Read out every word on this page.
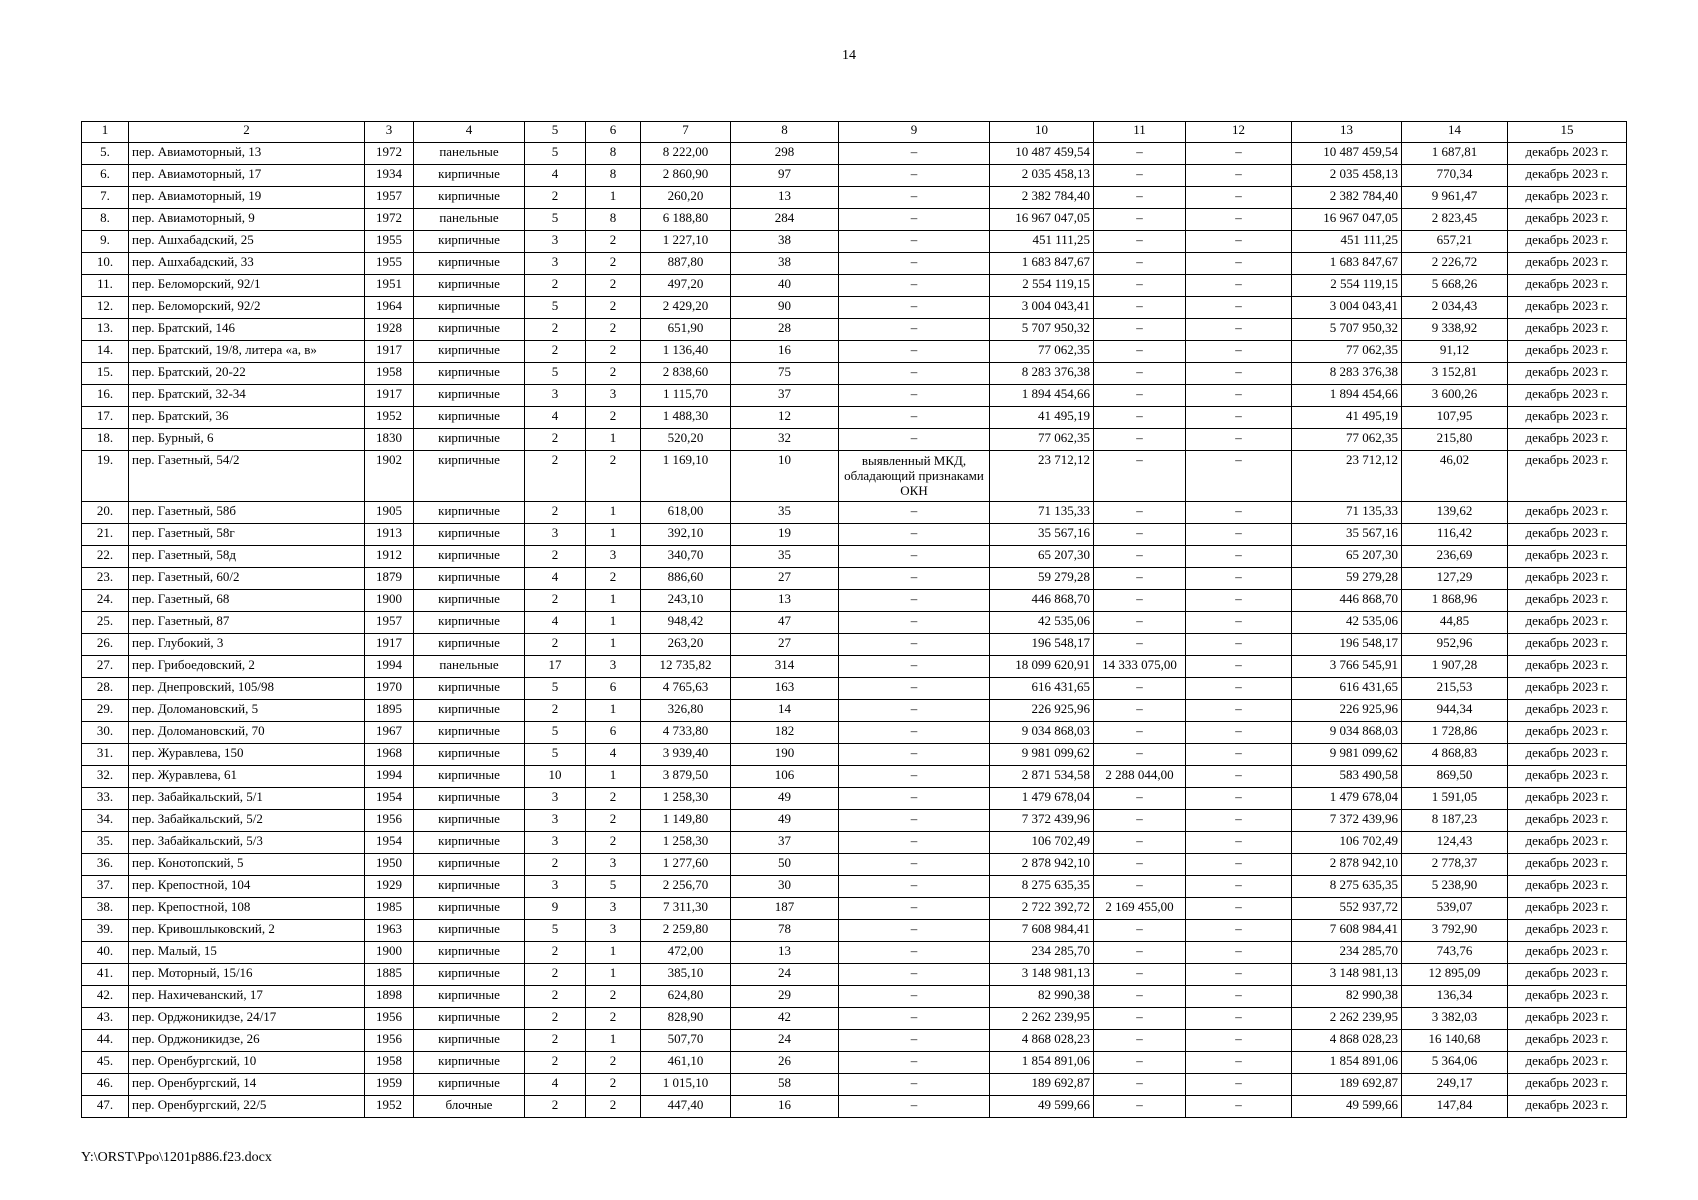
14
1	2	3	4	5	6	7	8	9	10	11	12	13	14	15
5.	пер. Авиамоторный, 13	1972	панельные	5	8	8 222,00	298	–	10 487 459,54	–	–	10 487 459,54	1 687,81	декабрь 2023 г.
6.	пер. Авиамоторный, 17	1934	кирпичные	4	8	2 860,90	97	–	2 035 458,13	–	–	2 035 458,13	770,34	декабрь 2023 г.
7.	пер. Авиамоторный, 19	1957	кирпичные	2	1	260,20	13	–	2 382 784,40	–	–	2 382 784,40	9 961,47	декабрь 2023 г.
8.	пер. Авиамоторный, 9	1972	панельные	5	8	6 188,80	284	–	16 967 047,05	–	–	16 967 047,05	2 823,45	декабрь 2023 г.
9.	пер. Ашхабадский, 25	1955	кирпичные	3	2	1 227,10	38	–	451 111,25	–	–	451 111,25	657,21	декабрь 2023 г.
10.	пер. Ашхабадский, 33	1955	кирпичные	3	2	887,80	38	–	1 683 847,67	–	–	1 683 847,67	2 226,72	декабрь 2023 г.
11.	пер. Беломорский, 92/1	1951	кирпичные	2	2	497,20	40	–	2 554 119,15	–	–	2 554 119,15	5 668,26	декабрь 2023 г.
12.	пер. Беломорский, 92/2	1964	кирпичные	5	2	2 429,20	90	–	3 004 043,41	–	–	3 004 043,41	2 034,43	декабрь 2023 г.
13.	пер. Братский, 146	1928	кирпичные	2	2	651,90	28	–	5 707 950,32	–	–	5 707 950,32	9 338,92	декабрь 2023 г.
14.	пер. Братский, 19/8, литера «а, в»	1917	кирпичные	2	2	1 136,40	16	–	77 062,35	–	–	77 062,35	91,12	декабрь 2023 г.
15.	пер. Братский, 20-22	1958	кирпичные	5	2	2 838,60	75	–	8 283 376,38	–	–	8 283 376,38	3 152,81	декабрь 2023 г.
16.	пер. Братский, 32-34	1917	кирпичные	3	3	1 115,70	37	–	1 894 454,66	–	–	1 894 454,66	3 600,26	декабрь 2023 г.
17.	пер. Братский, 36	1952	кирпичные	4	2	1 488,30	12	–	41 495,19	–	–	41 495,19	107,95	декабрь 2023 г.
18.	пер. Бурный, 6	1830	кирпичные	2	1	520,20	32	–	77 062,35	–	–	77 062,35	215,80	декабрь 2023 г.
19.	пер. Газетный, 54/2	1902	кирпичные	2	2	1 169,10	10	выявленный МКД, обладающий признаками ОКН	23 712,12	–	–	23 712,12	46,02	декабрь 2023 г.
20.	пер. Газетный, 58б	1905	кирпичные	2	1	618,00	35	–	71 135,33	–	–	71 135,33	139,62	декабрь 2023 г.
21.	пер. Газетный, 58г	1913	кирпичные	3	1	392,10	19	–	35 567,16	–	–	35 567,16	116,42	декабрь 2023 г.
22.	пер. Газетный, 58д	1912	кирпичные	2	3	340,70	35	–	65 207,30	–	–	65 207,30	236,69	декабрь 2023 г.
23.	пер. Газетный, 60/2	1879	кирпичные	4	2	886,60	27	–	59 279,28	–	–	59 279,28	127,29	декабрь 2023 г.
24.	пер. Газетный, 68	1900	кирпичные	2	1	243,10	13	–	446 868,70	–	–	446 868,70	1 868,96	декабрь 2023 г.
25.	пер. Газетный, 87	1957	кирпичные	4	1	948,42	47	–	42 535,06	–	–	42 535,06	44,85	декабрь 2023 г.
26.	пер. Глубокий, 3	1917	кирпичные	2	1	263,20	27	–	196 548,17	–	–	196 548,17	952,96	декабрь 2023 г.
27.	пер. Грибоедовский, 2	1994	панельные	17	3	12 735,82	314	–	18 099 620,91	14 333 075,00	–	3 766 545,91	1 907,28	декабрь 2023 г.
28.	пер. Днепровский, 105/98	1970	кирпичные	5	6	4 765,63	163	–	616 431,65	–	–	616 431,65	215,53	декабрь 2023 г.
29.	пер. Доломановский, 5	1895	кирпичные	2	1	326,80	14	–	226 925,96	–	–	226 925,96	944,34	декабрь 2023 г.
30.	пер. Доломановский, 70	1967	кирпичные	5	6	4 733,80	182	–	9 034 868,03	–	–	9 034 868,03	1 728,86	декабрь 2023 г.
31.	пер. Журавлева, 150	1968	кирпичные	5	4	3 939,40	190	–	9 981 099,62	–	–	9 981 099,62	4 868,83	декабрь 2023 г.
32.	пер. Журавлева, 61	1994	кирпичные	10	1	3 879,50	106	–	2 871 534,58	2 288 044,00	–	583 490,58	869,50	декабрь 2023 г.
33.	пер. Забайкальский, 5/1	1954	кирпичные	3	2	1 258,30	49	–	1 479 678,04	–	–	1 479 678,04	1 591,05	декабрь 2023 г.
34.	пер. Забайкальский, 5/2	1956	кирпичные	3	2	1 149,80	49	–	7 372 439,96	–	–	7 372 439,96	8 187,23	декабрь 2023 г.
35.	пер. Забайкальский, 5/3	1954	кирпичные	3	2	1 258,30	37	–	106 702,49	–	–	106 702,49	124,43	декабрь 2023 г.
36.	пер. Конотопский, 5	1950	кирпичные	2	3	1 277,60	50	–	2 878 942,10	–	–	2 878 942,10	2 778,37	декабрь 2023 г.
37.	пер. Крепостной, 104	1929	кирпичные	3	5	2 256,70	30	–	8 275 635,35	–	–	8 275 635,35	5 238,90	декабрь 2023 г.
38.	пер. Крепостной, 108	1985	кирпичные	9	3	7 311,30	187	–	2 722 392,72	2 169 455,00	–	552 937,72	539,07	декабрь 2023 г.
39.	пер. Кривошлыковский, 2	1963	кирпичные	5	3	2 259,80	78	–	7 608 984,41	–	–	7 608 984,41	3 792,90	декабрь 2023 г.
40.	пер. Малый, 15	1900	кирпичные	2	1	472,00	13	–	234 285,70	–	–	234 285,70	743,76	декабрь 2023 г.
41.	пер. Моторный, 15/16	1885	кирпичные	2	1	385,10	24	–	3 148 981,13	–	–	3 148 981,13	12 895,09	декабрь 2023 г.
42.	пер. Нахичеванский, 17	1898	кирпичные	2	2	624,80	29	–	82 990,38	–	–	82 990,38	136,34	декабрь 2023 г.
43.	пер. Орджоникидзе, 24/17	1956	кирпичные	2	2	828,90	42	–	2 262 239,95	–	–	2 262 239,95	3 382,03	декабрь 2023 г.
44.	пер. Орджоникидзе, 26	1956	кирпичные	2	1	507,70	24	–	4 868 028,23	–	–	4 868 028,23	16 140,68	декабрь 2023 г.
45.	пер. Оренбургский, 10	1958	кирпичные	2	2	461,10	26	–	1 854 891,06	–	–	1 854 891,06	5 364,06	декабрь 2023 г.
46.	пер. Оренбургский, 14	1959	кирпичные	4	2	1 015,10	58	–	189 692,87	–	–	189 692,87	249,17	декабрь 2023 г.
47.	пер. Оренбургский, 22/5	1952	блочные	2	2	447,40	16	–	49 599,66	–	–	49 599,66	147,84	декабрь 2023 г.
Y:\ORST\Ppo\1201p886.f23.docx
